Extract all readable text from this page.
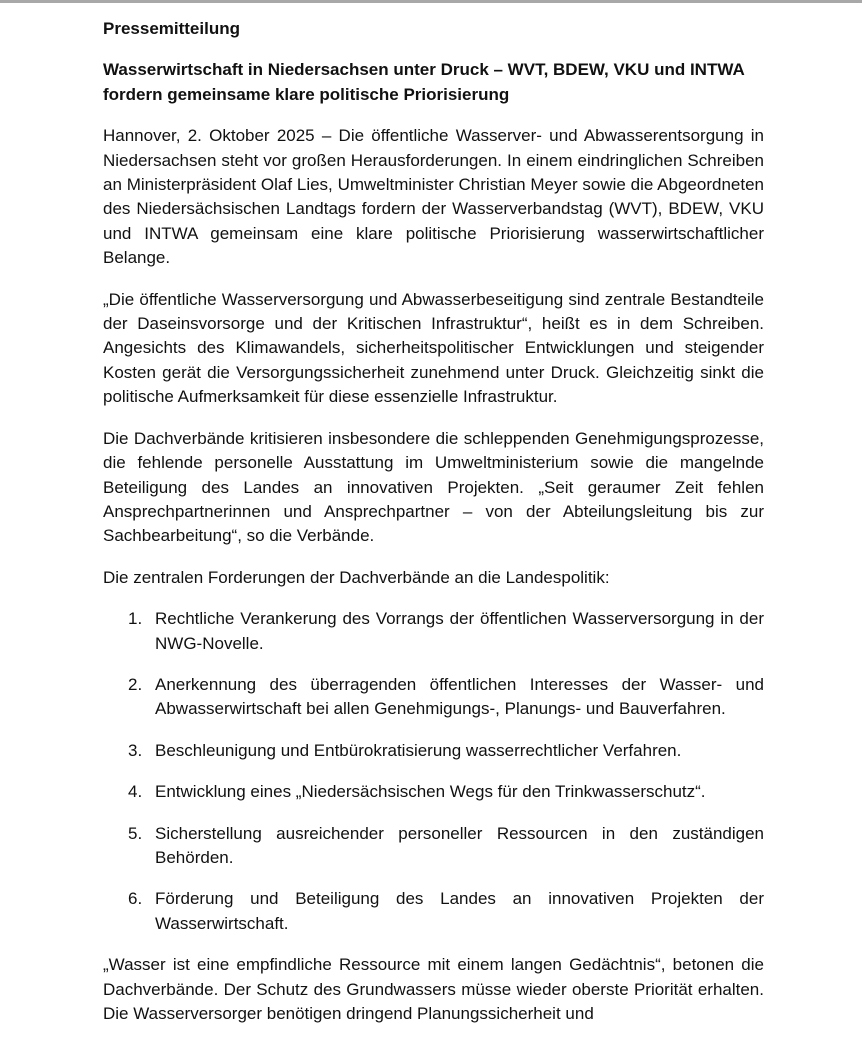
Pressemitteilung
Wasserwirtschaft in Niedersachsen unter Druck – WVT, BDEW, VKU und INTWA fordern gemeinsame klare politische Priorisierung

Hannover, 2. Oktober 2025 – Die öffentliche Wasserver- und Abwasserentsorgung in Niedersachsen steht vor großen Herausforderungen. In einem eindringlichen Schreiben an Ministerpräsident Olaf Lies, Umweltminister Christian Meyer sowie die Abgeordneten des Niedersächsischen Landtags fordern der Wasserverbandstag (WVT), BDEW, VKU und INTWA gemeinsam eine klare politische Priorisierung wasserwirtschaftlicher Belange.

„Die öffentliche Wasserversorgung und Abwasserbeseitigung sind zentrale Bestandteile der Daseinsvorsorge und der Kritischen Infrastruktur“, heißt es in dem Schreiben. Angesichts des Klimawandels, sicherheitspolitischer Entwicklungen und steigender Kosten gerät die Versorgungssicherheit zunehmend unter Druck. Gleichzeitig sinkt die politische Aufmerksamkeit für diese essenzielle Infrastruktur.

Die Dachverbände kritisieren insbesondere die schleppenden Genehmigungsprozesse, die fehlende personelle Ausstattung im Umweltministerium sowie die mangelnde Beteiligung des Landes an innovativen Projekten. „Seit geraumer Zeit fehlen Ansprechpartnerinnen und Ansprechpartner – von der Abteilungsleitung bis zur Sachbearbeitung“, so die Verbände.

Die zentralen Forderungen der Dachverbände an die Landespolitik:

1. Rechtliche Verankerung des Vorrangs der öffentlichen Wasserversorgung in der NWG-Novelle.
2. Anerkennung des überragenden öffentlichen Interesses der Wasser- und Abwasserwirtschaft bei allen Genehmigungs-, Planungs- und Bauverfahren.
3. Beschleunigung und Entbürokratisierung wasserrechtlicher Verfahren.
4. Entwicklung eines „Niedersächsischen Wegs für den Trinkwasserschutz“.
5. Sicherstellung ausreichender personeller Ressourcen in den zuständigen Behörden.
6. Förderung und Beteiligung des Landes an innovativen Projekten der Wasserwirtschaft.

„Wasser ist eine empfindliche Ressource mit einem langen Gedächtnis“, betonen die Dachverbände. Der Schutz des Grundwassers müsse wieder oberste Priorität erhalten. Die Wasserversorger benötigen dringend Planungssicherheit und
